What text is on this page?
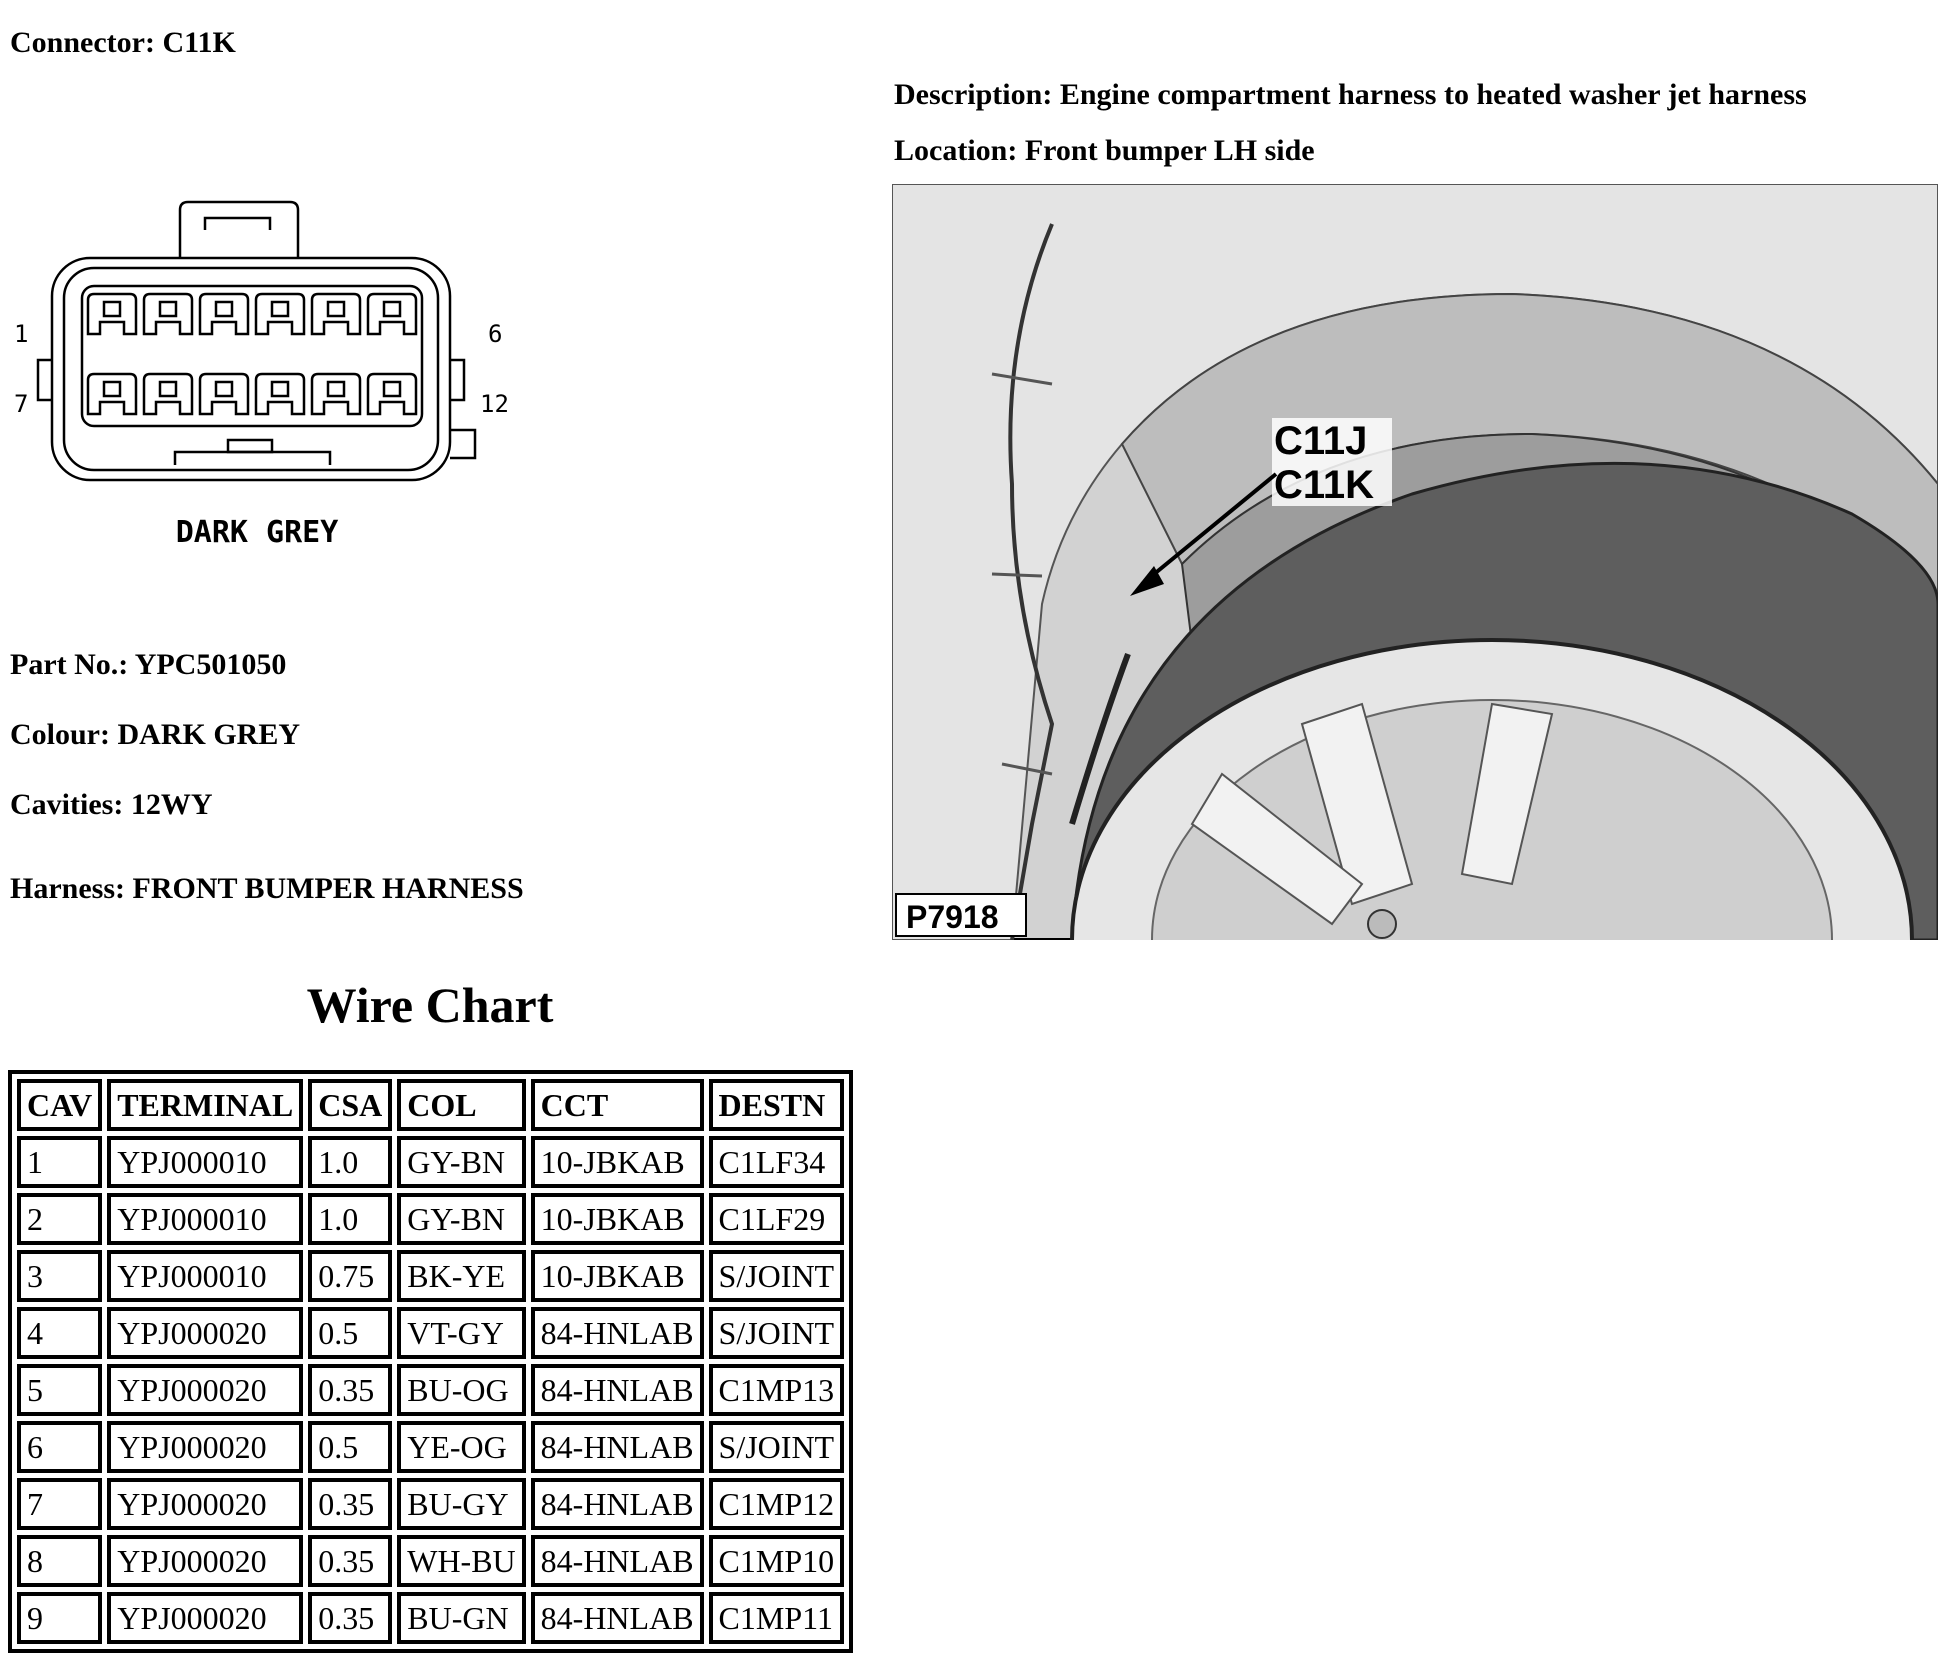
Connector: C11K
Description: Engine compartment harness to heated washer jet harness
Location: Front bumper LH side
1	6
7	12
DARK GREY
C11J
C11K
P7918
Part No.: YPC501050
Colour: DARK GREY
Cavities: 12WY
Harness: FRONT BUMPER HARNESS
Wire Chart
CAV	TERMINAL	CSA	COL	CCT	DESTN
1	YPJ000010	1.0	GY-BN	10-JBKAB	C1LF34
2	YPJ000010	1.0	GY-BN	10-JBKAB	C1LF29
3	YPJ000010	0.75	BK-YE	10-JBKAB	S/JOINT
4	YPJ000020	0.5	VT-GY	84-HNLAB	S/JOINT
5	YPJ000020	0.35	BU-OG	84-HNLAB	C1MP13
6	YPJ000020	0.5	YE-OG	84-HNLAB	S/JOINT
7	YPJ000020	0.35	BU-GY	84-HNLAB	C1MP12
8	YPJ000020	0.35	WH-BU	84-HNLAB	C1MP10
9	YPJ000020	0.35	BU-GN	84-HNLAB	C1MP11
